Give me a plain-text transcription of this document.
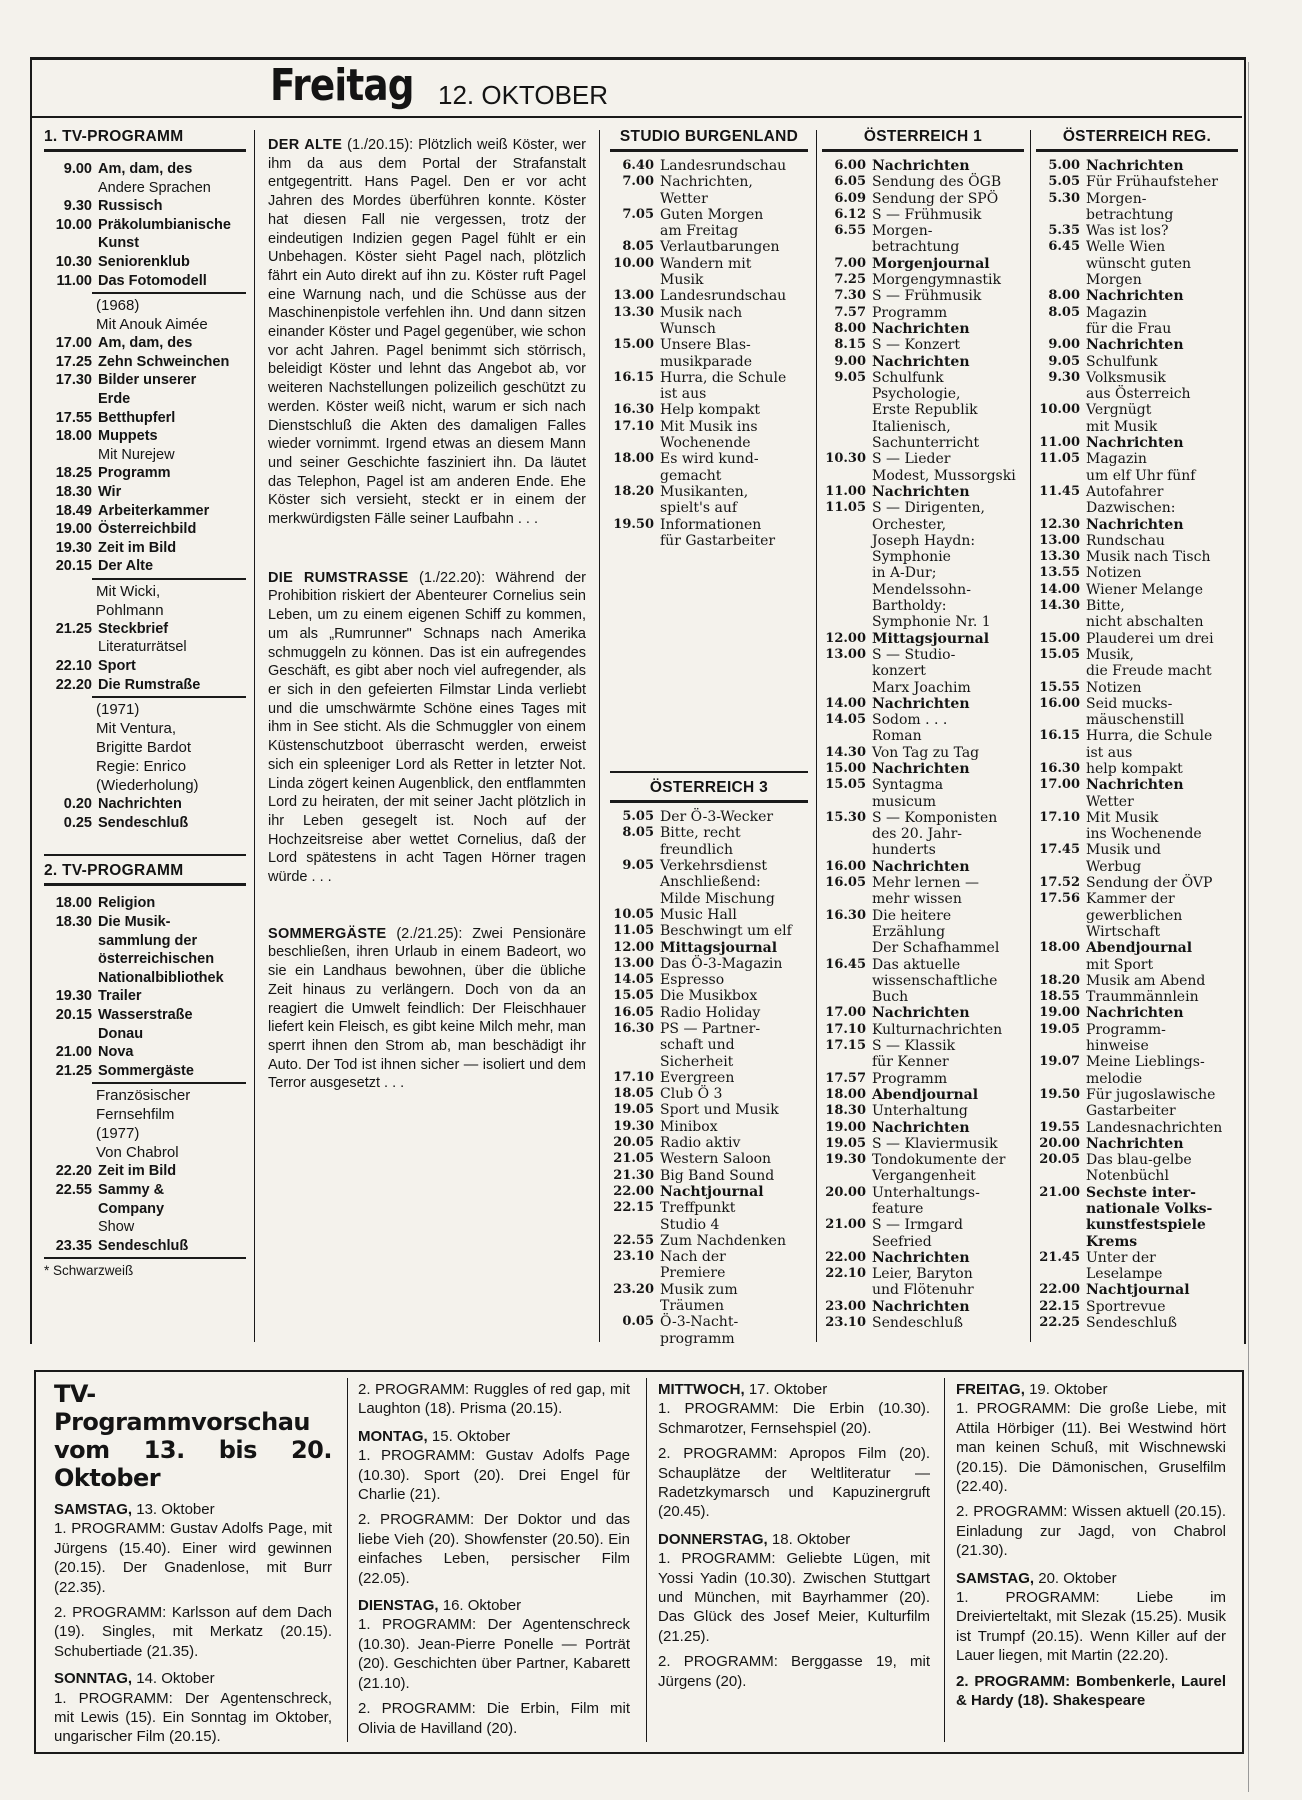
Freitag 12. OKTOBER
1. TV-PROGRAMM
9.00 Am, dam, des
Andere Sprachen
9.30 Russisch
10.00 Präkolumbianische
Kunst
10.30 Seniorenklub
11.00 Das Fotomodell
(1968)
Mit Anouk Aimée
17.00 Am, dam, des
17.25 Zehn Schweinchen
17.30 Bilder unserer
Erde
17.55 Betthupferl
18.00 Muppets
Mit Nurejew
18.25 Programm
18.30 Wir
18.49 Arbeiterkammer
19.00 Österreichbild
19.30 Zeit im Bild
20.15 Der Alte
Mit Wicki,
Pohlmann
21.25 Steckbrief
Literaturrätsel
22.10 Sport
22.20 Die Rumstraße
(1971)
Mit Ventura,
Brigitte Bardot
Regie: Enrico
(Wiederholung)
0.20 Nachrichten
0.25 Sendeschluß
2. TV-PROGRAMM
18.00 Religion
18.30 Die Musik-
sammlung der
österreichischen
Nationalbibliothek
19.30 Trailer
20.15 Wasserstraße
Donau
21.00 Nova
21.25 Sommergäste
Französischer
Fernsehfilm
(1977)
Von Chabrol
22.20 Zeit im Bild
22.55 Sammy &
Company
Show
23.35 Sendeschluß
* Schwarzweiß
DER ALTE (1./20.15): Plötzlich weiß Köster, wer ihm da aus dem Portal der Strafanstalt entgegentritt. Hans Pagel. Den er vor acht Jahren des Mordes überführen konnte. Köster hat diesen Fall nie vergessen, trotz der eindeutigen Indizien gegen Pagel fühlt er ein Unbehagen. Köster sieht Pagel nach, plötzlich fährt ein Auto direkt auf ihn zu. Köster ruft Pagel eine Warnung nach, und die Schüsse aus der Maschinenpistole verfehlen ihn. Und dann sitzen einander Köster und Pagel gegenüber, wie schon vor acht Jahren. Pagel benimmt sich störrisch, beleidigt Köster und lehnt das Angebot ab, vor weiteren Nachstellungen polizeilich geschützt zu werden. Köster weiß nicht, warum er sich nach Dienstschluß die Akten des damaligen Falles wieder vornimmt. Irgend etwas an diesem Mann und seiner Geschichte fasziniert ihn. Da läutet das Telephon, Pagel ist am anderen Ende. Ehe Köster sich versieht, steckt er in einem der merkwürdigsten Fälle seiner Laufbahn . . .
DIE RUMSTRASSE (1./22.20): Während der Prohibition riskiert der Abenteurer Cornelius sein Leben, um zu einem eigenen Schiff zu kommen, um als „Rumrunner" Schnaps nach Amerika schmuggeln zu können. Das ist ein aufregendes Geschäft, es gibt aber noch viel aufregender, als er sich in den gefeierten Filmstar Linda verliebt und die umschwärmte Schöne eines Tages mit ihm in See sticht. Als die Schmuggler von einem Küstenschutzboot überrascht werden, erweist sich ein spleeniger Lord als Retter in letzter Not. Linda zögert keinen Augenblick, den entflammten Lord zu heiraten, der mit seiner Jacht plötzlich in ihr Leben gesegelt ist. Noch auf der Hochzeitsreise aber wettet Cornelius, daß der Lord spätestens in acht Tagen Hörner tragen würde . . .
SOMMERGÄSTE (2./21.25): Zwei Pensionäre beschließen, ihren Urlaub in einem Badeort, wo sie ein Landhaus bewohnen, über die übliche Zeit hinaus zu verlängern. Doch von da an reagiert die Umwelt feindlich: Der Fleischhauer liefert kein Fleisch, es gibt keine Milch mehr, man sperrt ihnen den Strom ab, man beschädigt ihr Auto. Der Tod ist ihnen sicher — isoliert und dem Terror ausgesetzt . . .
STUDIO BURGENLAND
6.40 Landesrundschau
7.00 Nachrichten,
Wetter
7.05 Guten Morgen
am Freitag
8.05 Verlautbarungen
10.00 Wandern mit
Musik
13.00 Landesrundschau
13.30 Musik nach
Wunsch
15.00 Unsere Blas-
musikparade
16.15 Hurra, die Schule
ist aus
16.30 Help kompakt
17.10 Mit Musik ins
Wochenende
18.00 Es wird kund-
gemacht
18.20 Musikanten,
spielt's auf
19.50 Informationen
für Gastarbeiter
ÖSTERREICH 3
5.05 Der Ö-3-Wecker
8.05 Bitte, recht
freundlich
9.05 Verkehrsdienst
Anschließend:
Milde Mischung
10.05 Music Hall
11.05 Beschwingt um elf
12.00 Mittagsjournal
13.00 Das Ö-3-Magazin
14.05 Espresso
15.05 Die Musikbox
16.05 Radio Holiday
16.30 PS — Partner-
schaft und
Sicherheit
17.10 Evergreen
18.05 Club Ö 3
19.05 Sport und Musik
19.30 Minibox
20.05 Radio aktiv
21.05 Western Saloon
21.30 Big Band Sound
22.00 Nachtjournal
22.15 Treffpunkt
Studio 4
22.55 Zum Nachdenken
23.10 Nach der
Premiere
23.20 Musik zum
Träumen
0.05 Ö-3-Nacht-
programm
ÖSTERREICH 1
6.00 Nachrichten
6.05 Sendung des ÖGB
6.09 Sendung der SPÖ
6.12 S — Frühmusik
6.55 Morgen-
betrachtung
7.00 Morgenjournal
7.25 Morgengymnastik
7.30 S — Frühmusik
7.57 Programm
8.00 Nachrichten
8.15 S — Konzert
9.00 Nachrichten
9.05 Schulfunk
Psychologie,
Erste Republik
Italienisch,
Sachunterricht
10.30 S — Lieder
Modest, Mussorgski
11.00 Nachrichten
11.05 S — Dirigenten,
Orchester,
Joseph Haydn:
Symphonie
in A-Dur;
Mendelssohn-
Bartholdy:
Symphonie Nr. 1
12.00 Mittagsjournal
13.00 S — Studio-
konzert
Marx Joachim
14.00 Nachrichten
14.05 Sodom . . .
Roman
14.30 Von Tag zu Tag
15.00 Nachrichten
15.05 Syntagma
musicum
15.30 S — Komponisten
des 20. Jahr-
hunderts
16.00 Nachrichten
16.05 Mehr lernen —
mehr wissen
16.30 Die heitere
Erzählung
Der Schafhammel
16.45 Das aktuelle
wissenschaftliche
Buch
17.00 Nachrichten
17.10 Kulturnachrichten
17.15 S — Klassik
für Kenner
17.57 Programm
18.00 Abendjournal
18.30 Unterhaltung
19.00 Nachrichten
19.05 S — Klaviermusik
19.30 Tondokumente der
Vergangenheit
20.00 Unterhaltungs-
feature
21.00 S — Irmgard
Seefried
22.00 Nachrichten
22.10 Leier, Baryton
und Flötenuhr
23.00 Nachrichten
23.10 Sendeschluß
ÖSTERREICH REG.
5.00 Nachrichten
5.05 Für Frühaufsteher
5.30 Morgen-
betrachtung
5.35 Was ist los?
6.45 Welle Wien
wünscht guten
Morgen
8.00 Nachrichten
8.05 Magazin
für die Frau
9.00 Nachrichten
9.05 Schulfunk
9.30 Volksmusik
aus Österreich
10.00 Vergnügt
mit Musik
11.00 Nachrichten
11.05 Magazin
um elf Uhr fünf
11.45 Autofahrer
Dazwischen:
12.30 Nachrichten
13.00 Rundschau
13.30 Musik nach Tisch
13.55 Notizen
14.00 Wiener Melange
14.30 Bitte,
nicht abschalten
15.00 Plauderei um drei
15.05 Musik,
die Freude macht
15.55 Notizen
16.00 Seid mucks-
mäuschenstill
16.15 Hurra, die Schule
ist aus
16.30 help kompakt
17.00 Nachrichten
Wetter
17.10 Mit Musik
ins Wochenende
17.45 Musik und
Werbug
17.52 Sendung der ÖVP
17.56 Kammer der
gewerblichen
Wirtschaft
18.00 Abendjournal
mit Sport
18.20 Musik am Abend
18.55 Traummännlein
19.00 Nachrichten
19.05 Programm-
hinweise
19.07 Meine Lieblings-
melodie
19.50 Für jugoslawische
Gastarbeiter
19.55 Landesnachrichten
20.00 Nachrichten
20.05 Das blau-gelbe
Notenbüchl
21.00 Sechste inter-
nationale Volks-
kunstfestspiele
Krems
21.45 Unter der
Leselampe
22.00 Nachtjournal
22.15 Sportrevue
22.25 Sendeschluß
TV-Programmvorschau
vom 13. bis 20. Oktober
SAMSTAG, 13. Oktober
1. PROGRAMM: Gustav Adolfs Page, mit Jürgens (15.40). Einer wird gewinnen (20.15). Der Gnadenlose, mit Burr (22.35).
2. PROGRAMM: Karlsson auf dem Dach (19). Singles, mit Merkatz (20.15). Schubertiade (21.35).
SONNTAG, 14. Oktober
1. PROGRAMM: Der Agentenschreck, mit Lewis (15). Ein Sonntag im Oktober, ungarischer Film (20.15).
2. PROGRAMM: Ruggles of red gap, mit Laughton (18). Prisma (20.15).
MONTAG, 15. Oktober
1. PROGRAMM: Gustav Adolfs Page (10.30). Sport (20). Drei Engel für Charlie (21).
2. PROGRAMM: Der Doktor und das liebe Vieh (20). Showfenster (20.50). Ein einfaches Leben, persischer Film (22.05).
DIENSTAG, 16. Oktober
1. PROGRAMM: Der Agentenschreck (10.30). Jean-Pierre Ponelle — Porträt (20). Geschichten über Partner, Kabarett (21.10).
2. PROGRAMM: Die Erbin, Film mit Olivia de Havilland (20).
MITTWOCH, 17. Oktober
1. PROGRAMM: Die Erbin (10.30). Schmarotzer, Fernsehspiel (20).
2. PROGRAMM: Apropos Film (20). Schauplätze der Weltliteratur — Radetzkymarsch und Kapuzinergruft (20.45).
DONNERSTAG, 18. Oktober
1. PROGRAMM: Geliebte Lügen, mit Yossi Yadin (10.30). Zwischen Stuttgart und München, mit Bayrhammer (20). Das Glück des Josef Meier, Kulturfilm (21.25).
2. PROGRAMM: Berggasse 19, mit Jürgens (20).
FREITAG, 19. Oktober
1. PROGRAMM: Die große Liebe, mit Attila Hörbiger (11). Bei Westwind hört man keinen Schuß, mit Wischnewski (20.15). Die Dämonischen, Gruselfilm (22.40).
2. PROGRAMM: Wissen aktuell (20.15). Einladung zur Jagd, von Chabrol (21.30).
SAMSTAG, 20. Oktober
1. PROGRAMM: Liebe im Dreivierteltakt, mit Slezak (15.25). Musik ist Trumpf (20.15). Wenn Killer auf der Lauer liegen, mit Martin (22.20).
2. PROGRAMM: Bombenkerle, Laurel & Hardy (18). Shakespeare
